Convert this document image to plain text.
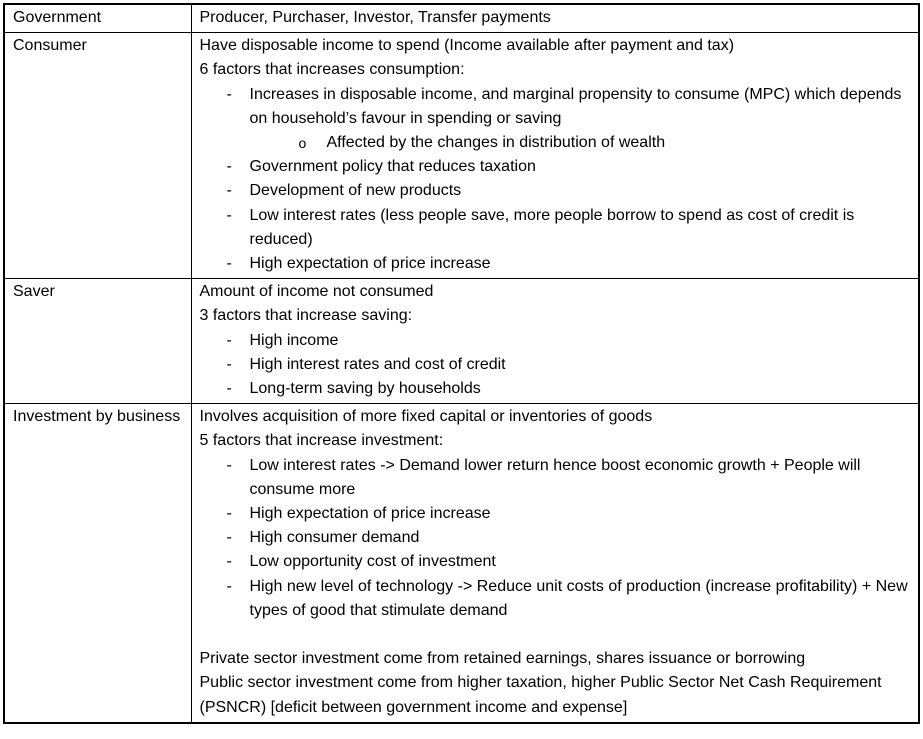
Government	Producer, Purchaser, Investor, Transfer payments

Consumer	Have disposable income to spend (Income available after payment and tax)
6 factors that increases consumption:
- Increases in disposable income, and marginal propensity to consume (MPC) which depends on household’s favour in spending or saving
o Affected by the changes in distribution of wealth
- Government policy that reduces taxation
- Development of new products
- Low interest rates (less people save, more people borrow to spend as cost of credit is reduced)
- High expectation of price increase

Saver	Amount of income not consumed
3 factors that increase saving:
- High income
- High interest rates and cost of credit
- Long-term saving by households

Investment by business	Involves acquisition of more fixed capital or inventories of goods
5 factors that increase investment:
- Low interest rates -> Demand lower return hence boost economic growth + People will consume more
- High expectation of price increase
- High consumer demand
- Low opportunity cost of investment
- High new level of technology -> Reduce unit costs of production (increase profitability) + New types of good that stimulate demand

Private sector investment come from retained earnings, shares issuance or borrowing
Public sector investment come from higher taxation, higher Public Sector Net Cash Requirement (PSNCR) [deficit between government income and expense]
